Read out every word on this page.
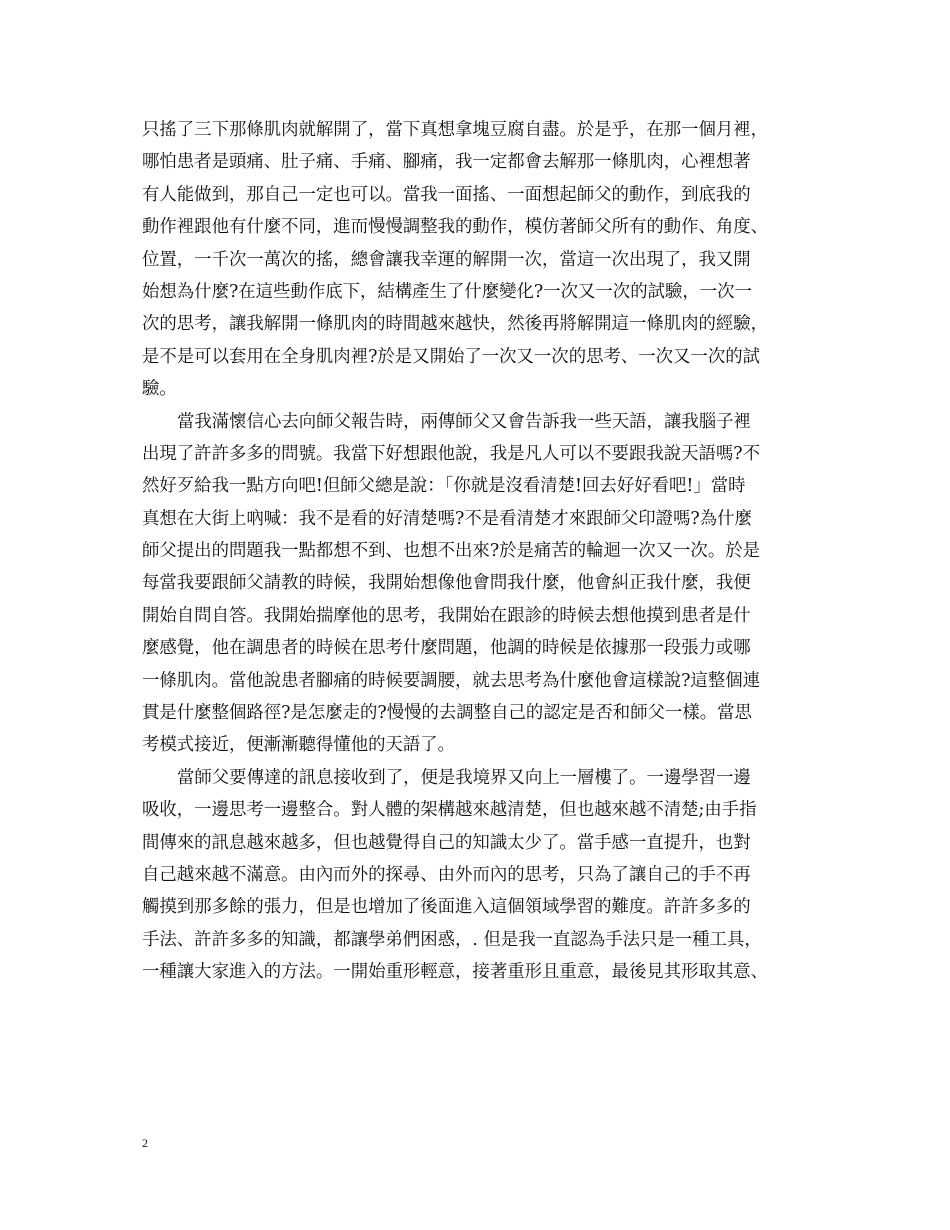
只搖了三下那條肌肉就解開了，當下真想拿塊豆腐自盡。於是乎，在那一個月裡，
哪怕患者是頭痛、肚子痛、手痛、腳痛，我一定都會去解那一條肌肉，心裡想著
有人能做到，那自己一定也可以。當我一面搖、一面想起師父的動作，到底我的
動作裡跟他有什麼不同，進而慢慢調整我的動作，模仿著師父所有的動作、角度、
位置，一千次一萬次的搖，總會讓我幸運的解開一次，當這一次出現了，我又開
始想為什麼?在這些動作底下，結構產生了什麼變化?一次又一次的試驗，一次一
次的思考，讓我解開一條肌肉的時間越來越快，然後再將解開這一條肌肉的經驗，
是不是可以套用在全身肌肉裡?於是又開始了一次又一次的思考、一次又一次的試
驗。
當我滿懷信心去向師父報告時，兩傳師父又會告訴我一些天語，讓我腦子裡
出現了許許多多的問號。我當下好想跟他說，我是凡人可以不要跟我說天語嗎?不
然好歹給我一點方向吧!但師父總是說：「你就是沒看清楚!回去好好看吧!」當時
真想在大街上吶喊：我不是看的好清楚嗎?不是看清楚才來跟師父印證嗎?為什麼
師父提出的問題我一點都想不到、也想不出來?於是痛苦的輪迴一次又一次。於是
每當我要跟師父請教的時候，我開始想像他會問我什麼，他會糾正我什麼，我便
開始自問自答。我開始揣摩他的思考，我開始在跟診的時候去想他摸到患者是什
麼感覺，他在調患者的時候在思考什麼問題，他調的時候是依據那一段張力或哪
一條肌肉。當他說患者腳痛的時候要調腰，就去思考為什麼他會這樣說?這整個連
貫是什麼整個路徑?是怎麼走的?慢慢的去調整自己的認定是否和師父一樣。當思
考模式接近，便漸漸聽得懂他的天語了。
當師父要傳達的訊息接收到了，便是我境界又向上一層樓了。一邊學習一邊
吸收，一邊思考一邊整合。對人體的架構越來越清楚，但也越來越不清楚;由手指
間傳來的訊息越來越多，但也越覺得自己的知識太少了。當手感一直提升，也對
自己越來越不滿意。由內而外的探尋、由外而內的思考，只為了讓自己的手不再
觸摸到那多餘的張力，但是也增加了後面進入這個領域學習的難度。許許多多的
手法、許許多多的知識，都讓學弟們困惑，. 但是我一直認為手法只是一種工具，
一種讓大家進入的方法。一開始重形輕意，接著重形且重意，最後見其形取其意、
2
